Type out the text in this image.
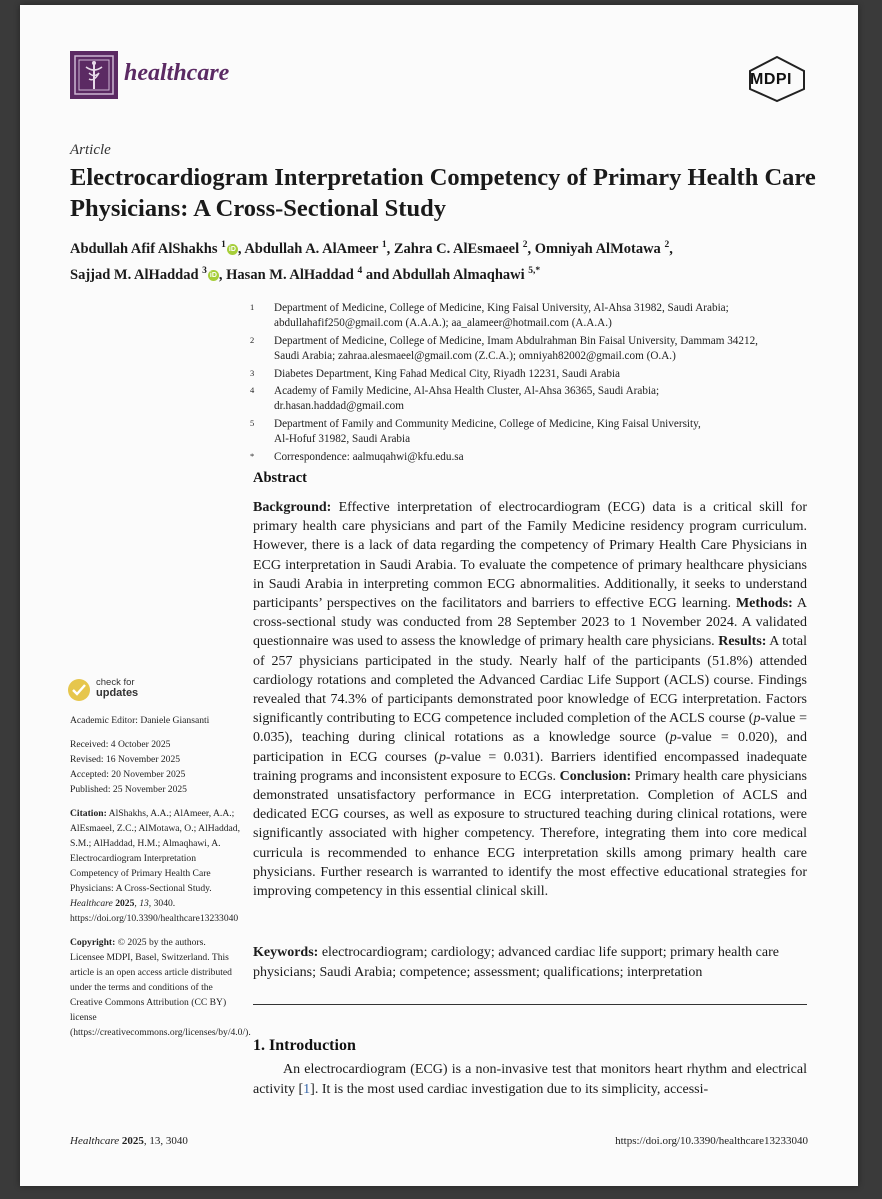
healthcare	MDPI
Article
Electrocardiogram Interpretation Competency of Primary Health Care Physicians: A Cross-Sectional Study
Abdullah Afif AlShakhs $^1$ iD , Abdullah A. AlAmeer $^1$, Zahra C. AlEsmaeel $^2$, Omniyah AlMotawa $^2$,
Sajjad M. AlHaddad $^3$ iD , Hasan M. AlHaddad $^4$ and Abdullah Almaqhawi $^{5,*}$
1 Department of Medicine, College of Medicine, King Faisal University, Al-Ahsa 31982, Saudi Arabia;
abdullahafif250@gmail.com (A.A.A.); aa_alameer@hotmail.com (A.A.A.)
2 Department of Medicine, College of Medicine, Imam Abdulrahman Bin Faisal University, Dammam 34212,
Saudi Arabia; zahraa.alesmaeel@gmail.com (Z.C.A.); omniyah82002@gmail.com (O.A.)
3 Diabetes Department, King Fahad Medical City, Riyadh 12231, Saudi Arabia
4 Academy of Family Medicine, Al-Ahsa Health Cluster, Al-Ahsa 36365, Saudi Arabia;
dr.hasan.haddad@gmail.com
5 Department of Family and Community Medicine, College of Medicine, King Faisal University,
Al-Hofuf 31982, Saudi Arabia
* Correspondence: aalmuqahwi@kfu.edu.sa
Abstract
Background: Effective interpretation of electrocardiogram (ECG) data is a critical skill for primary health care physicians and part of the Family Medicine residency program curriculum. However, there is a lack of data regarding the competency of Primary Health Care Physicians in ECG interpretation in Saudi Arabia. To evaluate the competence of primary healthcare physicians in Saudi Arabia in interpreting common ECG abnormalities. Additionally, it seeks to understand participants’ perspectives on the facilitators and barriers to effective ECG learning. Methods: A cross-sectional study was conducted from 28 September 2023 to 1 November 2024. A validated questionnaire was used to assess the knowledge of primary health care physicians. Results: A total of 257 physicians participated in the study. Nearly half of the participants (51.8%) attended cardiology rotations and completed the Advanced Cardiac Life Support (ACLS) course. Findings revealed that 74.3% of participants demonstrated poor knowledge of ECG interpretation. Factors significantly contributing to ECG competence included completion of the ACLS course (p-value = 0.035), teaching during clinical rotations as a knowledge source (p-value = 0.020), and participation in ECG courses (p-value = 0.031). Barriers identified encompassed inadequate training programs and inconsistent exposure to ECGs. Conclusion: Primary health care physicians demonstrated unsatisfactory performance in ECG interpretation. Completion of ACLS and dedicated ECG courses, as well as exposure to structured teaching during clinical rotations, were significantly associated with higher competency. Therefore, integrating them into core medical curricula is recommended to enhance ECG interpretation skills among primary health care physicians. Further research is warranted to identify the most effective educational strategies for improving competency in this essential clinical skill.
Keywords: electrocardiogram; cardiology; advanced cardiac life support; primary health care physicians; Saudi Arabia; competence; assessment; qualifications; interpretation
1. Introduction
An electrocardiogram (ECG) is a non-invasive test that monitors heart rhythm and electrical activity [1]. It is the most used cardiac investigation due to its simplicity, accessi-
check for
updates
Academic Editor: Daniele Giansanti
Received: 4 October 2025
Revised: 16 November 2025
Accepted: 20 November 2025
Published: 25 November 2025
Citation: AlShakhs, A.A.; AlAmeer, A.A.; AlEsmaeel, Z.C.; AlMotawa, O.; AlHaddad, S.M.; AlHaddad, H.M.; Almaqhawi, A. Electrocardiogram Interpretation Competency of Primary Health Care Physicians: A Cross-Sectional Study. Healthcare 2025, 13, 3040. https://doi.org/10.3390/healthcare13233040
Copyright: © 2025 by the authors. Licensee MDPI, Basel, Switzerland. This article is an open access article distributed under the terms and conditions of the Creative Commons Attribution (CC BY) license (https://creativecommons.org/licenses/by/4.0/).
Healthcare 2025, 13, 3040	https://doi.org/10.3390/healthcare13233040
